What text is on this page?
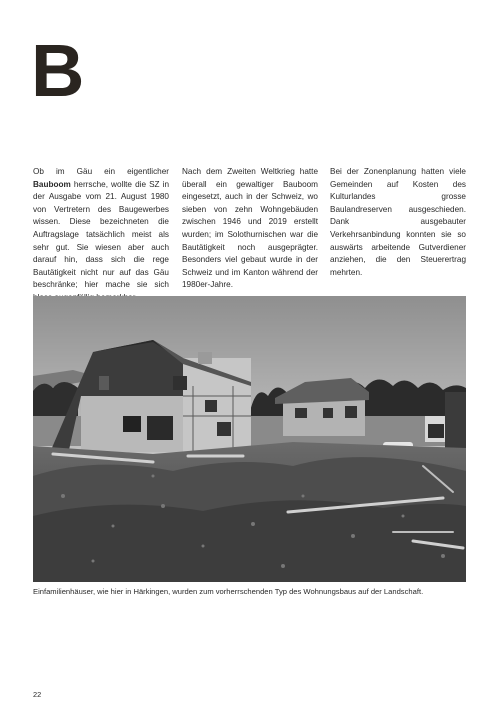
B

Ob im Gäu ein eigentlicher Bauboom herrsche, wollte die SZ in der Ausgabe vom 21. August 1980 von Vertretern des Baugewerbes wissen. Diese bezeichneten die Auftragslage tatsächlich meist als sehr gut. Sie wiesen aber auch darauf hin, dass sich die rege Bautätigkeit nicht nur auf das Gäu beschränke; hier mache sie sich

Nach dem Zweiten Weltkrieg hatte überall ein gewaltiger Bauboom eingesetzt, auch in der Schweiz, wo sieben von zehn Wohngebäuden zwischen 1946 und 2019 erstellt wurden; im Solothurnischen war die Bautätigkeit noch ausgeprägter. Besonders viel gebaut wurde in der Schweiz und im Kanton während der 1980er-Jahre.

Bei der Zonenplanung hatten viele Gemeinden auf Kosten des Kulturlandes grosse Baulandreserven ausgeschieden. Dank ausgebauter Verkehrsanbindung konnten sie so auswärts arbeitende Gutverdiener anziehen, die den Steuerertrag mehrten.

Einfamilienhäuser, wie hier in Härkingen, wurden zum vorherrschenden Typ des Wohnungsbaus auf der Landschaft.
22
